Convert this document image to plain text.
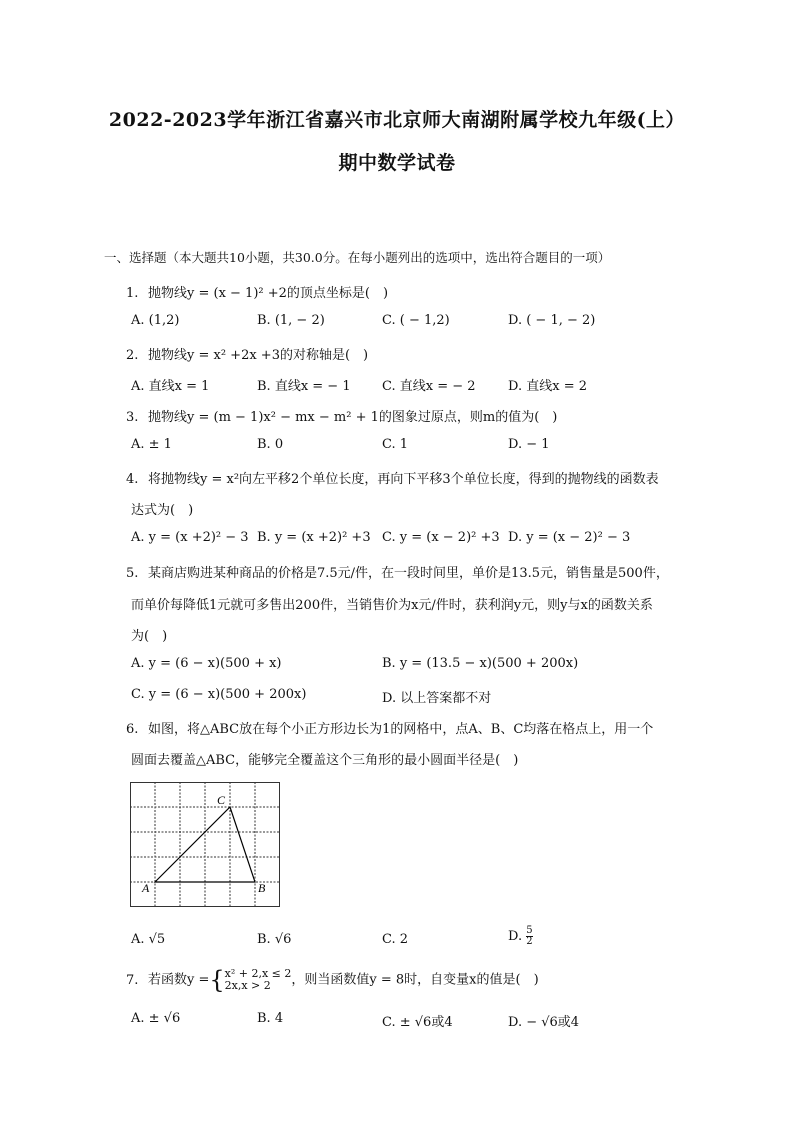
2022-2023学年浙江省嘉兴市北京师大南湖附属学校九年级(上）
期中数学试卷
一、选择题（本大题共10小题，共30.0分。在每小题列出的选项中，选出符合题目的一项）
1. 抛物线y = (x − 1)² +2的顶点坐标是(　)
A. (1,2)	B. (1, − 2)	C. ( − 1,2)	D. ( − 1, − 2)
2. 抛物线y = x² +2x +3的对称轴是(　)
A. 直线x = 1	B. 直线x = − 1 C. 直线x = − 2 D. 直线x = 2
3. 抛物线y = (m − 1)x² − mx − m² + 1的图象过原点，则m的值为(　)
A. ± 1	B. 0	C. 1	D. − 1
4. 将抛物线y = x²向左平移2个单位长度，再向下平移3个单位长度，得到的抛物线的函数表
达式为(　)
A. y = (x +2)² − 3 B. y = (x +2)² +3 C. y = (x − 2)² +3 D. y = (x − 2)² − 3
5. 某商店购进某种商品的价格是7.5元/件，在一段时间里，单价是13.5元，销售量是500件，
而单价每降低1元就可多售出200件，当销售价为x元/件时，获利润y元，则y与x的函数关系
为(　)
A. y = (6 − x)(500 + x)	B. y = (13.5 − x)(500 + 200x)
C. y = (6 − x)(500 + 200x)	D. 以上答案都不对
6. 如图，将△ABC放在每个小正方形边长为1的网格中，点A、B、C均落在格点上，用一个
圆面去覆盖△ABC，能够完全覆盖这个三角形的最小圆面半径是(　)
A	B
C
A. √5	B. √6	C. 2	D. $\frac{5}{2}$
7. 若函数y ={ x² + 2,x ≤ 2
2x,x > 2	，则当函数值y = 8时，自变量x的值是(　)
A. ± √6	B. 4	C. ± √6或4	D. − √6或4
